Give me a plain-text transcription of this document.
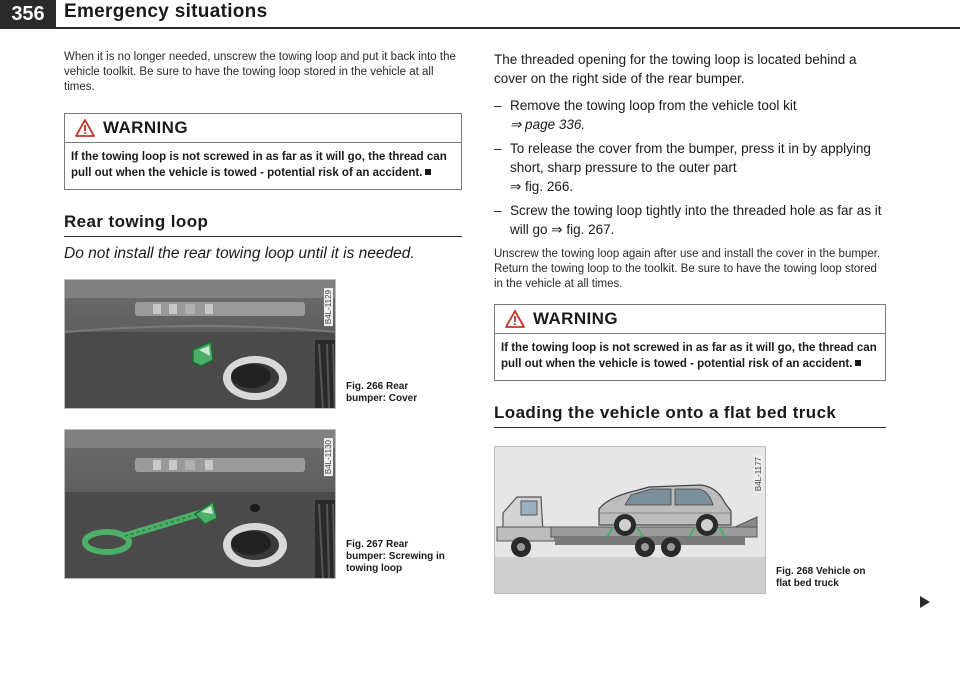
356	Emergency situations

When it is no longer needed, unscrew the towing loop and put it back into the vehicle toolkit. Be sure to have the towing loop stored in the vehicle at all times.

WARNING
If the towing loop is not screwed in as far as it will go, the thread can pull out when the vehicle is towed - potential risk of an accident.
Rear towing loop
Do not install the rear towing loop until it is needed.
B4L-1129
Fig. 266 Rear
bumper: Cover
B4L-1130
Fig. 267 Rear
bumper: Screwing in
towing loop

The threaded opening for the towing loop is located behind a cover on the right side of the rear bumper.

– Remove the towing loop from the vehicle tool kit
⇒ page 336.
– To release the cover from the bumper, press it in by applying short, sharp pressure to the outer part
⇒ fig. 266.
– Screw the towing loop tightly into the threaded hole as far as it will go ⇒ fig. 267.

Unscrew the towing loop again after use and install the cover in the bumper. Return the towing loop to the toolkit. Be sure to have the towing loop stored in the vehicle at all times.

WARNING
If the towing loop is not screwed in as far as it will go, the thread can pull out when the vehicle is towed - potential risk of an accident.
Loading the vehicle onto a flat bed truck
B4L-1177
Fig. 268 Vehicle on
flat bed truck
